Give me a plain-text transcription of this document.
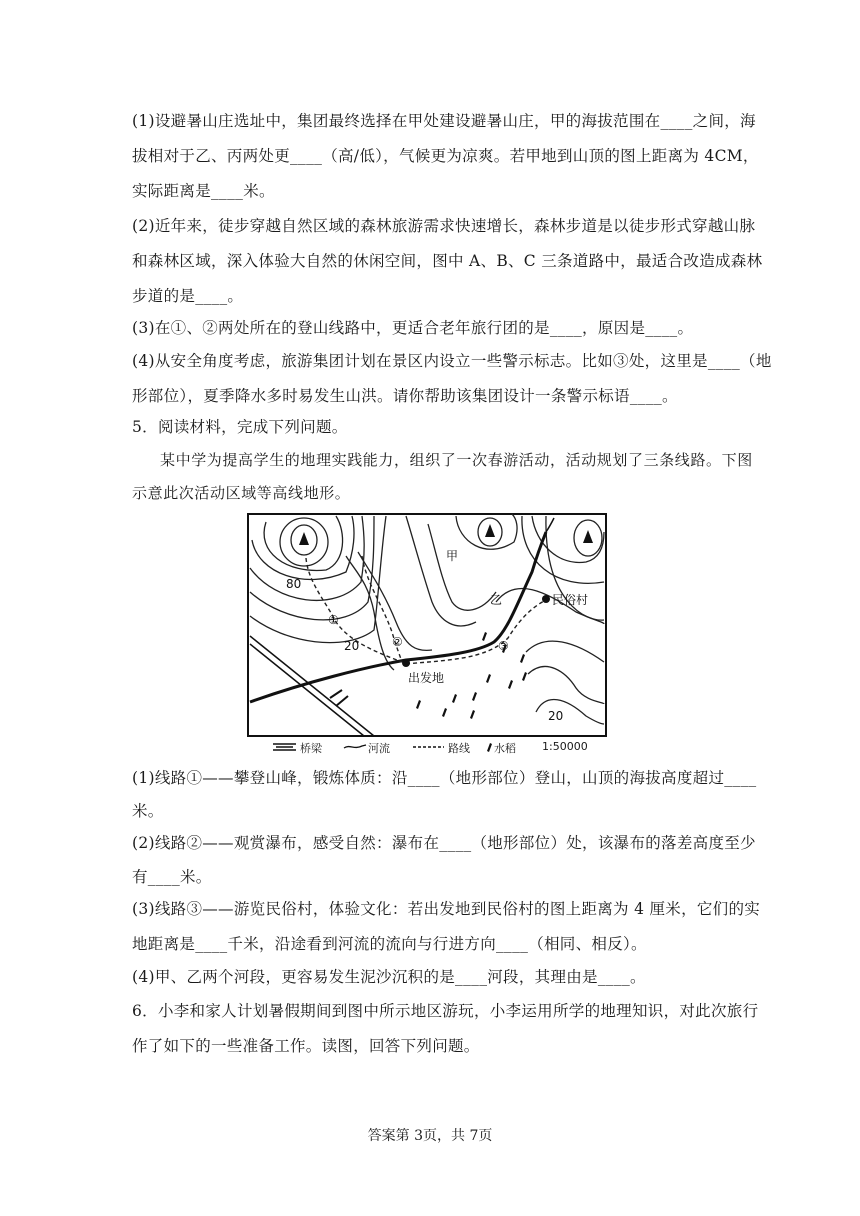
(1)设避暑山庄选址中，集团最终选择在甲处建设避暑山庄，甲的海拔范围在____之间，海
拔相对于乙、丙两处更____（高/低），气候更为凉爽。若甲地到山顶的图上距离为 4CM，
实际距离是____米。
(2)近年来，徒步穿越自然区域的森林旅游需求快速增长，森林步道是以徒步形式穿越山脉
和森林区域，深入体验大自然的休闲空间，图中 A、B、C 三条道路中，最适合改造成森林
步道的是____。
(3)在①、②两处所在的登山线路中，更适合老年旅行团的是____，原因是____。
(4)从安全角度考虑，旅游集团计划在景区内设立一些警示标志。比如③处，这里是____（地
形部位），夏季降水多时易发生山洪。请你帮助该集团设计一条警示标语____。
5．阅读材料，完成下列问题。
某中学为提高学生的地理实践能力，组织了一次春游活动，活动规划了三条线路。下图
示意此次活动区域等高线地形。
甲
乙	民俗村
出发地
80
20
20
①
②	③
桥梁	河流	路线 水稻 1:50000
(1)线路①——攀登山峰，锻炼体质：沿____（地形部位）登山，山顶的海拔高度超过____
米。
(2)线路②——观赏瀑布，感受自然：瀑布在____（地形部位）处，该瀑布的落差高度至少
有____米。
(3)线路③——游览民俗村，体验文化：若出发地到民俗村的图上距离为 4 厘米，它们的实
地距离是____千米，沿途看到河流的流向与行进方向____（相同、相反）。
(4)甲、乙两个河段，更容易发生泥沙沉积的是____河段，其理由是____。
6．小李和家人计划暑假期间到图中所示地区游玩，小李运用所学的地理知识，对此次旅行
作了如下的一些准备工作。读图，回答下列问题。
答案第 3页，共 7页
